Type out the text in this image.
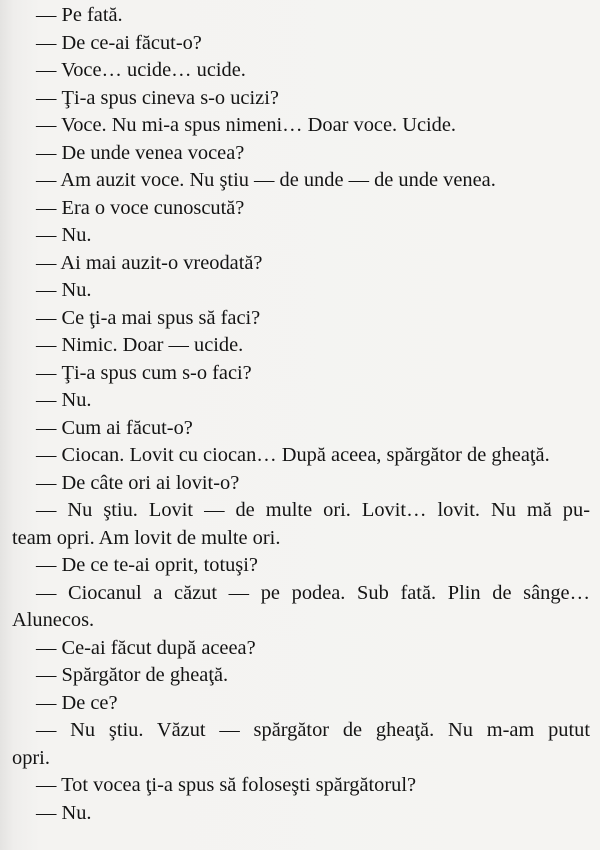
— Pe fată.

— De ce-ai făcut-o?

— Voce… ucide… ucide.

— Ţi-a spus cineva s-o ucizi?

— Voce. Nu mi-a spus nimeni… Doar voce. Ucide.

— De unde venea vocea?

— Am auzit voce. Nu ştiu — de unde — de unde venea.

— Era o voce cunoscută?

— Nu.

— Ai mai auzit-o vreodată?

— Nu.

— Ce ţi-a mai spus să faci?

— Nimic. Doar — ucide.

— Ţi-a spus cum s-o faci?

— Nu.

— Cum ai făcut-o?

— Ciocan. Lovit cu ciocan… După aceea, spărgător de gheaţă.

— De câte ori ai lovit-o?

— Nu ştiu. Lovit — de multe ori. Lovit… lovit. Nu mă pu-

team opri. Am lovit de multe ori.

— De ce te-ai oprit, totuşi?

— Ciocanul a căzut — pe podea. Sub fată. Plin de sânge…

Alunecos.

— Ce-ai făcut după aceea?

— Spărgător de gheaţă.

— De ce?

— Nu ştiu. Văzut — spărgător de gheaţă. Nu m-am putut

opri.

— Tot vocea ţi-a spus să foloseşti spărgătorul?

— Nu.
